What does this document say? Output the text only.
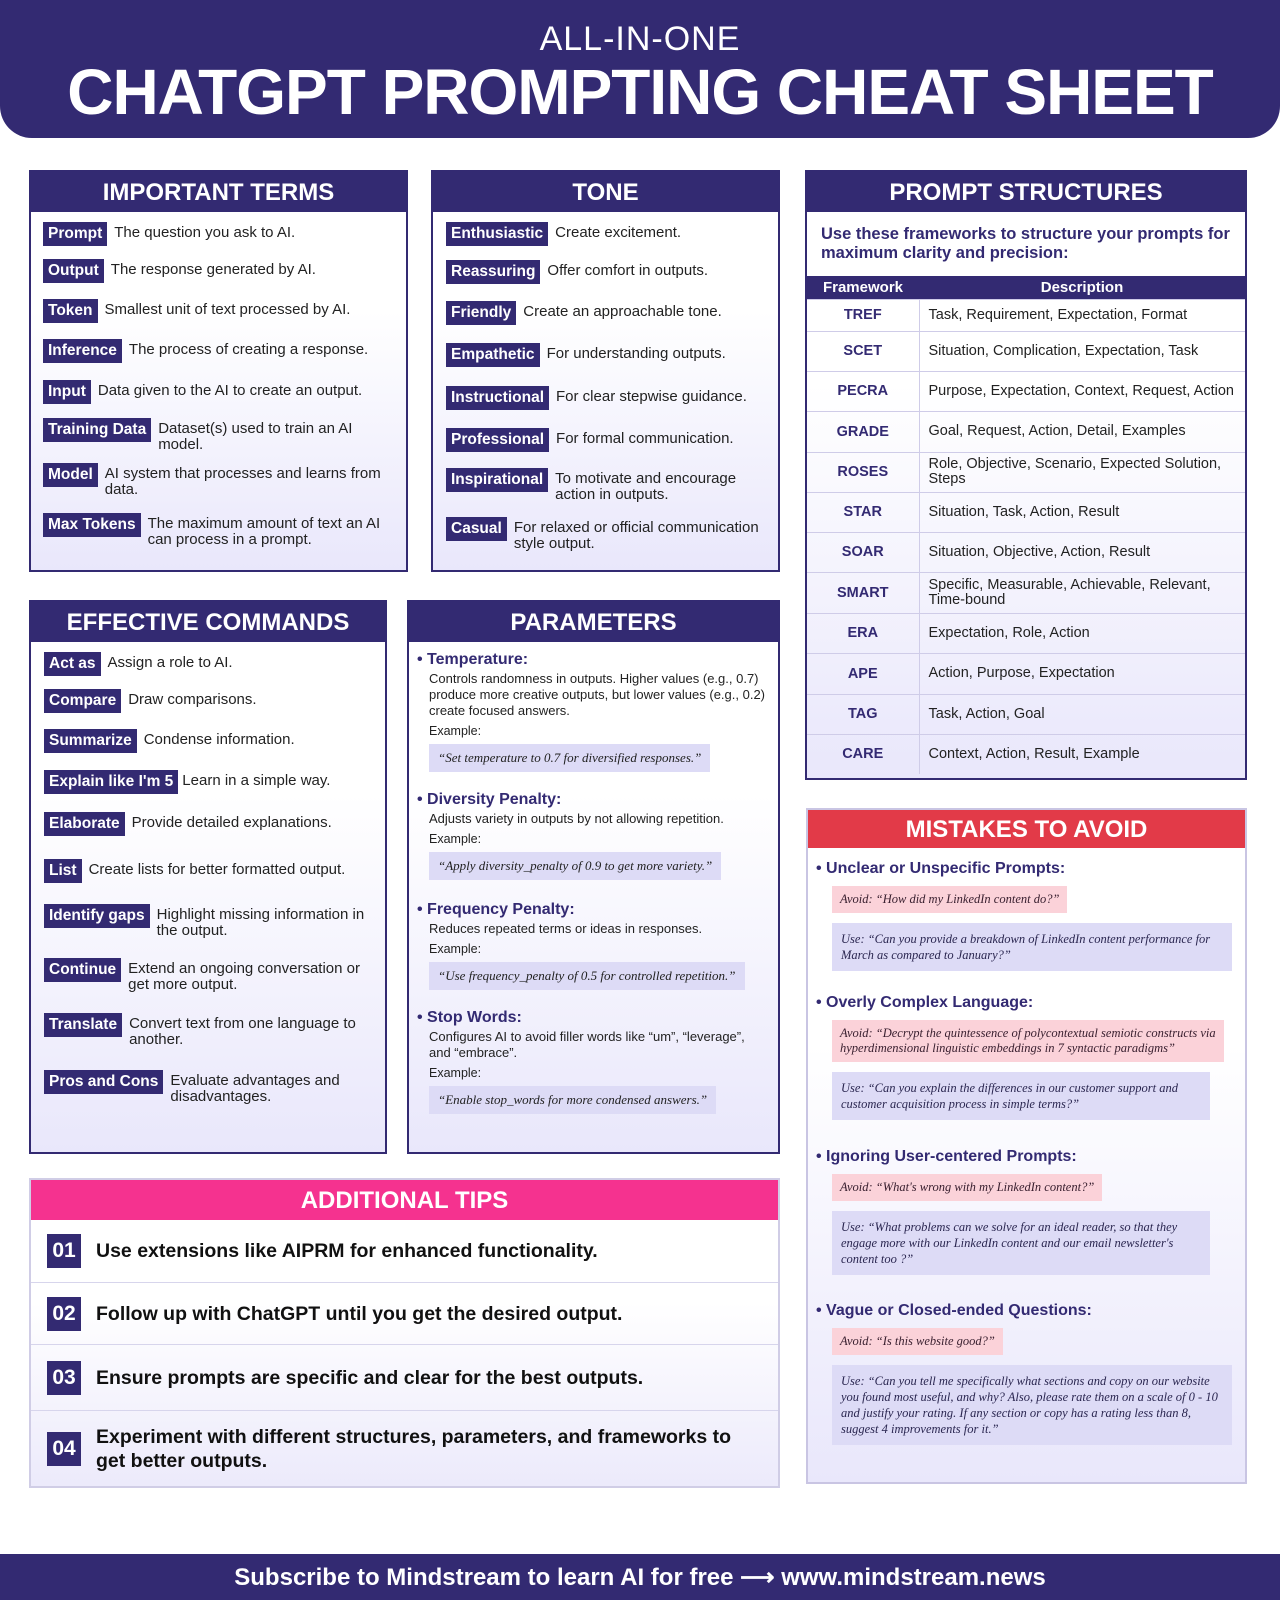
ALL-IN-ONE
CHATGPT PROMPTING CHEAT SHEET
IMPORTANT TERMS
Prompt The question you ask to AI.
Output The response generated by AI.
Token Smallest unit of text processed by AI.
Inference The process of creating a response.
Input Data given to the AI to create an output.
Training Data Dataset(s) used to train an AI model.
Model AI system that processes and learns from data.
Max Tokens The maximum amount of text an AI can process in a prompt.
TONE
Enthusiastic Create excitement.
Reassuring Offer comfort in outputs.
Friendly Create an approachable tone.
Empathetic For understanding outputs.
Instructional For clear stepwise guidance.
Professional For formal communication.
Inspirational To motivate and encourage action in outputs.
Casual For relaxed or official communication style output.
PROMPT STRUCTURES
Use these frameworks to structure your prompts for maximum clarity and precision:
Framework	Description
TREF	Task, Requirement, Expectation, Format
SCET	Situation, Complication, Expectation, Task
PECRA	Purpose, Expectation, Context, Request, Action
GRADE	Goal, Request, Action, Detail, Examples
ROSES	Role, Objective, Scenario, Expected Solution, Steps
STAR	Situation, Task, Action, Result
SOAR	Situation, Objective, Action, Result
SMART	Specific, Measurable, Achievable, Relevant, Time-bound
ERA	Expectation, Role, Action
APE	Action, Purpose, Expectation
TAG	Task, Action, Goal
CARE	Context, Action, Result, Example
EFFECTIVE COMMANDS
Act as Assign a role to AI.
Compare Draw comparisons.
Summarize Condense information.
Explain like I'm 5 Learn in a simple way.
Elaborate Provide detailed explanations.
List Create lists for better formatted output.
Identify gaps Highlight missing information in the output.
Continue Extend an ongoing conversation or get more output.
Translate Convert text from one language to another.
Pros and Cons Evaluate advantages and disadvantages.
PARAMETERS
• Temperature:
Controls randomness in outputs. Higher values (e.g., 0.7) produce more creative outputs, but lower values (e.g., 0.2) create focused answers.
Example:
“Set temperature to 0.7 for diversified responses.”
• Diversity Penalty:
Adjusts variety in outputs by not allowing repetition.
Example:
“Apply diversity_penalty of 0.9 to get more variety.”
• Frequency Penalty:
Reduces repeated terms or ideas in responses.
Example:
“Use frequency_penalty of 0.5 for controlled repetition.”
• Stop Words:
Configures AI to avoid filler words like “um”, “leverage”, and “embrace”.
Example:
“Enable stop_words for more condensed answers.”
ADDITIONAL TIPS
01 Use extensions like AIPRM for enhanced functionality.
02 Follow up with ChatGPT until you get the desired output.
03 Ensure prompts are specific and clear for the best outputs.
04 Experiment with different structures, parameters, and frameworks to get better outputs.
MISTAKES TO AVOID
• Unclear or Unspecific Prompts:
Avoid: “How did my LinkedIn content do?”
Use: “Can you provide a breakdown of LinkedIn content performance for March as compared to January?”
• Overly Complex Language:
Avoid: “Decrypt the quintessence of polycontextual semiotic constructs via hyperdimensional linguistic embeddings in 7 syntactic paradigms”
Use: “Can you explain the differences in our customer support and customer acquisition process in simple terms?”
• Ignoring User-centered Prompts:
Avoid: “What's wrong with my LinkedIn content?”
Use: “What problems can we solve for an ideal reader, so that they engage more with our LinkedIn content and our email newsletter's content too ?”
• Vague or Closed-ended Questions:
Avoid: “Is this website good?”
Use: “Can you tell me specifically what sections and copy on our website you found most useful, and why? Also, please rate them on a scale of 0 - 10 and justify your rating. If any section or copy has a rating less than 8, suggest 4 improvements for it.”
Subscribe to Mindstream to learn AI for free ⟶ www.mindstream.news
